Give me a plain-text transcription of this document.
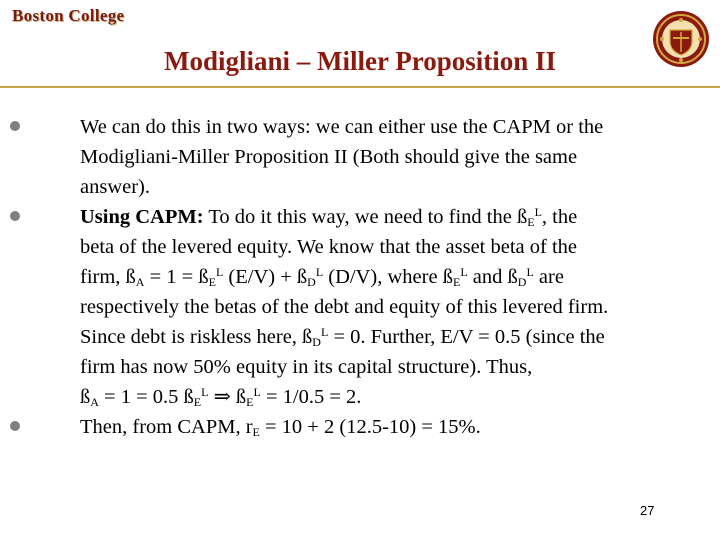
Boston College
Modigliani – Miller Proposition II
We can do this in two ways: we can either use the CAPM or the
Modigliani-Miller Proposition II (Both should give the same
answer).
Using CAPM: To do it this way, we need to find the $ß_E^L$, the
beta of the levered equity. We know that the asset beta of the
firm, $ß_A = 1$ = $ß_E^L$ $(E/V) + ß_D^L$ (D/V), where $ß_E^L$ and $ß_D^L$ are
respectively the betas of the debt and equity of this levered firm.
Since debt is riskless here, $ß_D^L = 0$. Further, E/V = 0.5 (since the
firm has now 50% equity in its capital structure). Thus,
$ß_A = 1 = 0.5$ $ß_E^L$ ⇒ $ß_E^L = 1/0.5 = 2$.
Then, from CAPM, $r_E = 10 + 2$ (12.5-10) = 15%.
27
